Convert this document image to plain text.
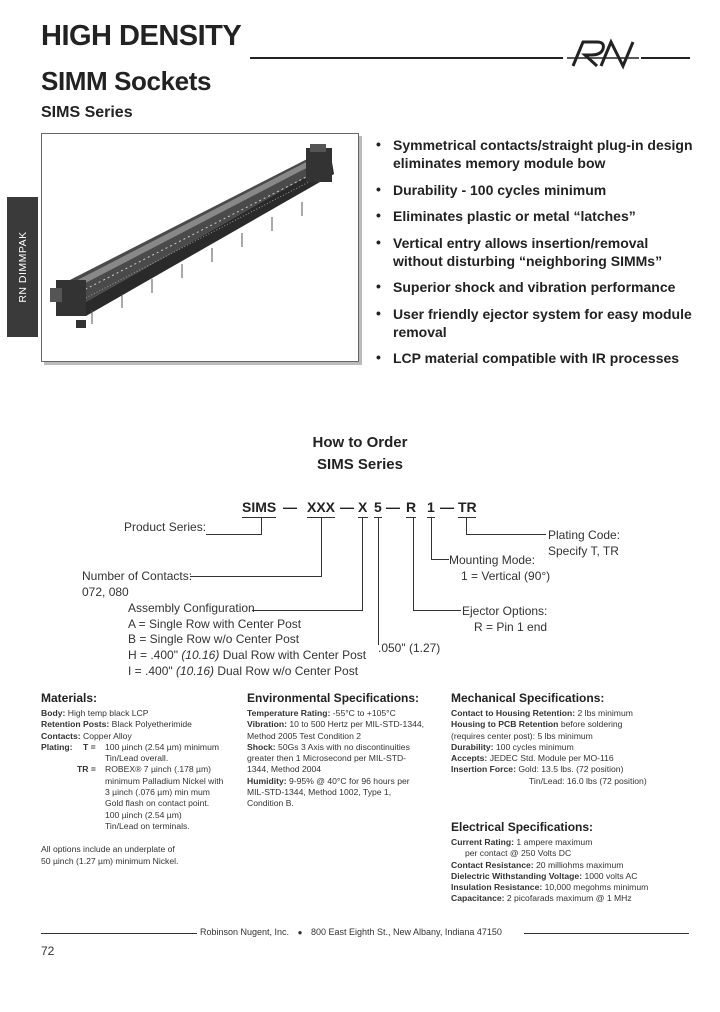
HIGH DENSITY
SIMM Sockets
SIMS Series
RN DIMMPAK
• Symmetrical contacts/straight plug-in design eliminates memory module bow
• Durability - 100 cycles minimum
• Eliminates plastic or metal “latches”
• Vertical entry allows insertion/removal without disturbing “neighboring SIMMs”
• Superior shock and vibration performance
• User friendly ejector system for easy module removal
• LCP material compatible with IR processes
How to Order
SIMS Series
SIMS — XXX — X 5 — R 1 — TR
Product Series:
Number of Contacts:
072, 080
Assembly Configuration
A = Single Row with Center Post
B = Single Row w/o Center Post
H = .400" (10.16) Dual Row with Center Post
I = .400" (10.16) Dual Row w/o Center Post
.050" (1.27)
Ejector Options:
R = Pin 1 end
Mounting Mode:
1 = Vertical (90°)
Plating Code:
Specify T, TR
Materials:
Body: High temp black LCP
Retention Posts: Black Polyetherimide
Contacts: Copper Alloy
Plating: T = 100 µinch (2.54 µm) minimum
Tin/Lead overall.
TR = ROBEX® 7 µinch (.178 µm)
minimum Palladium Nickel with
3 µinch (.076 µm) min mum
Gold flash on contact point.
100 µinch (2.54 µm)
Tin/Lead on terminals.
All options include an underplate of
50 µinch (1.27 µm) minimum Nickel.
Environmental Specifications:
Temperature Rating: -55°C to +105°C
Vibration: 10 to 500 Hertz per MIL-STD-1344,
Method 2005 Test Condition 2
Shock: 50Gs 3 Axis with no discontinuities
greater then 1 Microsecond per MIL-STD-
1344, Method 2004
Humidity: 9-95% @ 40°C for 96 hours per
MIL-STD-1344, Method 1002, Type 1,
Condition B.
Mechanical Specifications:
Contact to Housing Retention: 2 lbs minimum
Housing to PCB Retention before soldering
(requires center post): 5 lbs minimum
Durability: 100 cycles minimum
Accepts: JEDEC Std. Module per MO-116
Insertion Force: Gold: 13.5 lbs. (72 position)
Tin/Lead: 16.0 lbs (72 position)
Electrical Specifications:
Current Rating: 1 ampere maximum
per contact @ 250 Volts DC
Contact Resistance: 20 milliohms maximum
Dielectric Withstanding Voltage: 1000 volts AC
Insulation Resistance: 10,000 megohms minimum
Capacitance: 2 picofarads maximum @ 1 MHz
Robinson Nugent, Inc. ● 800 East Eighth St., New Albany, Indiana 47150
72
